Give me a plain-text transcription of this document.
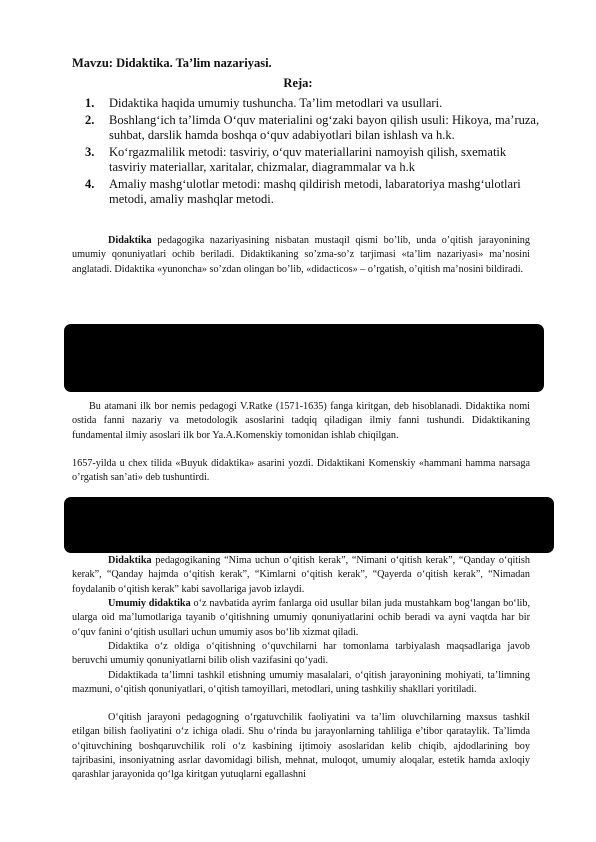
Mavzu: Didaktika. Ta’lim nazariyasi.
Reja:
1. Didaktika haqida umumiy tushuncha. Ta’lim metodlari va usullari.
2. Boshlang‘ich ta’limda O‘quv materialini og‘zaki bayon qilish usuli: Hikoya, ma’ruza, suhbat, darslik hamda boshqa o‘quv adabiyotlari bilan ishlash va h.k.
3. Ko‘rgazmalilik metodi: tasviriy, o‘quv materiallarini namoyish qilish, sxematik tasviriy materiallar, xaritalar, chizmalar, diagrammalar va h.k
4. Amaliy mashg‘ulotlar metodi: mashq qildirish metodi, labaratoriya mashg‘ulotlari metodi, amaliy mashqlar metodi.

Didaktika pedagogika nazariyasining nisbatan mustaqil qismi bo’lib, unda o’qitish jarayonining umumiy qonuniyatlari ochib beriladi. Didaktikaning so’zma-so’z tarjimasi «ta’lim nazariyasi» ma’nosini anglatadi. Didaktika «yunoncha» so’zdan olingan bo’lib, «didacticos» – o’rgatish, o’qitish ma’nosini bildiradi.

Bu atamani ilk bor nemis pedagogi V.Ratke (1571-1635) fanga kiritgan, deb hisoblanadi. Didaktika nomi ostida fanni nazariy va metodologik asoslarini tadqiq qiladigan ilmiy fanni tushundi. Didaktikaning fundamental ilmiy asoslari ilk bor Ya.A.Komenskiy tomonidan ishlab chiqilgan.

1657-yilda u chex tilida «Buyuk didaktika» asarini yozdi. Didaktikani Komenskiy «hammani hamma narsaga o’rgatish san’ati» deb tushuntirdi.

Didaktika pedagogikaning “Nima uchun o‘qitish kerak”, “Nimani o‘qitish kerak”, “Qanday o‘qitish kerak”, “Qanday hajmda o‘qitish kerak”, “Kimlarni o‘qitish kerak”, “Qayerda o‘qitish kerak”, “Nimadan foydalanib o‘qitish kerak” kabi savollariga javob izlaydi.

Umumiy didaktika o‘z navbatida ayrim fanlarga oid usullar bilan juda mustahkam bog‘langan bo‘lib, ularga oid ma’lumotlariga tayanib o‘qitishning umumiy qonuniyatlarini ochib beradi va ayni vaqtda har bir o‘quv fanini o‘qitish usullari uchun umumiy asos bo‘lib xizmat qiladi.

Didaktika o‘z oldiga o‘qitishning o‘quvchilarni har tomonlama tarbiyalash maqsadlariga javob beruvchi umumiy qonuniyatlarni bilib olish vazifasini qo‘yadi.

Didaktikada ta’limni tashkil etishning umumiy masalalari, o‘qitish jarayonining mohiyati, ta’limning mazmuni, o‘qitish qonuniyatlari, o‘qitish tamoyillari, metodlari, uning tashkiliy shakllari yoritiladi.

O‘qitish jarayoni pedagogning o‘rgatuvchilik faoliyatini va ta’lim oluvchilarning maxsus tashkil etilgan bilish faoliyatini o‘z ichiga oladi. Shu o‘rinda bu jarayonlarning tahliliga e’tibor qarataylik. Ta’limda o‘qituvchining boshqaruvchilik roli o‘z kasbining ijtimoiy asoslaridan kelib chiqib, ajdodlarining boy tajribasini, insoniyatning asrlar davomidagi bilish, mehnat, muloqot, umumiy aloqalar, estetik hamda axloqiy qarashlar jarayonida qo‘lga kiritgan yutuqlarni egallashni
